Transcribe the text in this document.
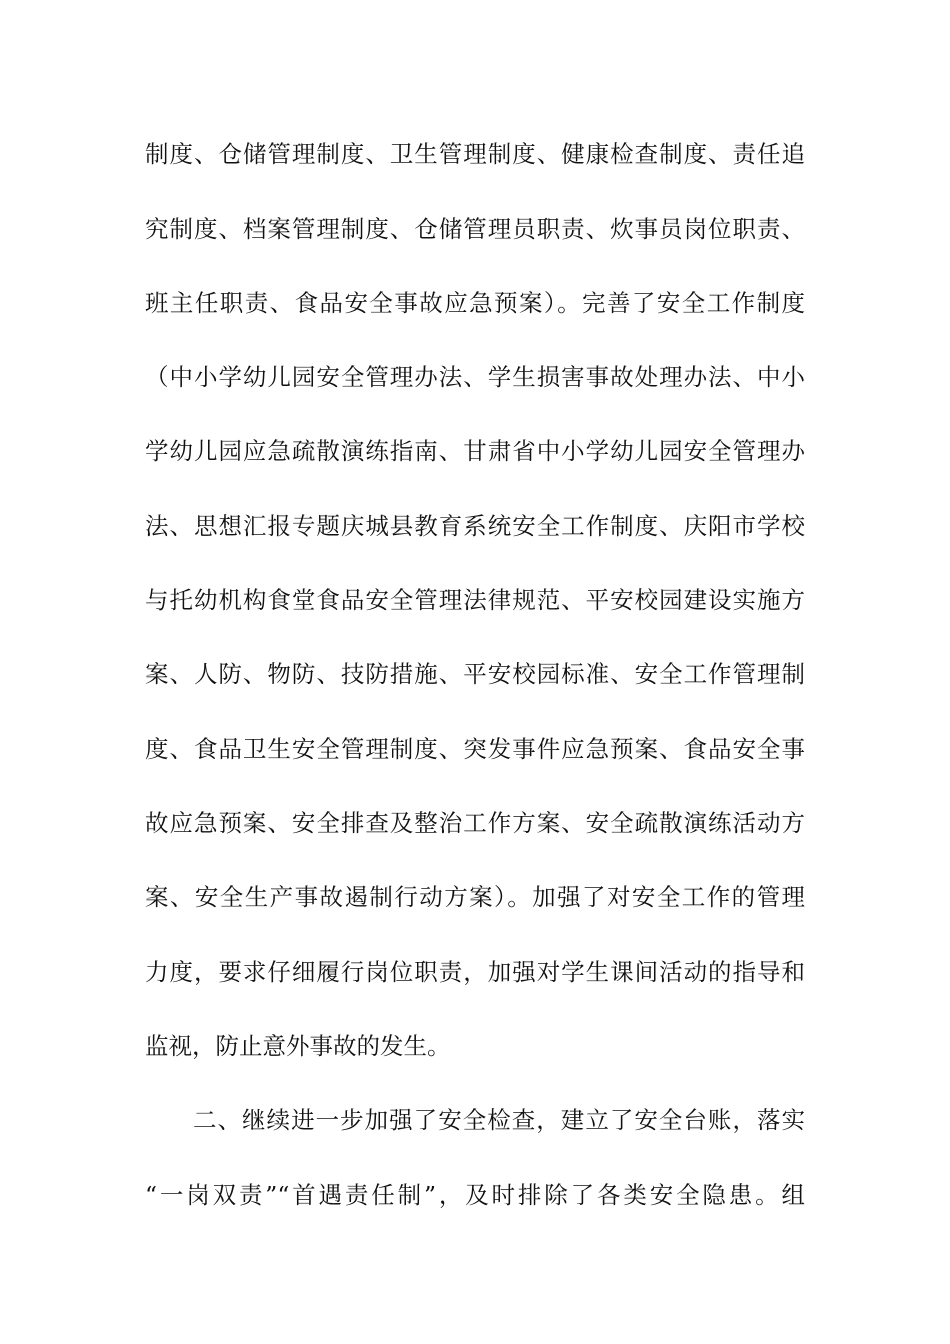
制度、仓储管理制度、卫生管理制度、健康检查制度、责任追
究制度、档案管理制度、仓储管理员职责、炊事员岗位职责、
班主任职责、食品安全事故应急预案）。完善了安全工作制度
（中小学幼儿园安全管理办法、学生损害事故处理办法、中小
学幼儿园应急疏散演练指南、甘肃省中小学幼儿园安全管理办
法、思想汇报专题庆城县教育系统安全工作制度、庆阳市学校
与托幼机构食堂食品安全管理法律规范、平安校园建设实施方
案、人防、物防、技防措施、平安校园标准、安全工作管理制
度、食品卫生安全管理制度、突发事件应急预案、食品安全事
故应急预案、安全排查及整治工作方案、安全疏散演练活动方
案、安全生产事故遏制行动方案）。加强了对安全工作的管理
力度，要求仔细履行岗位职责，加强对学生课间活动的指导和
监视，防止意外事故的发生。
二、继续进一步加强了安全检查，建立了安全台账，落实
“一岗双责”“首遇责任制”，及时排除了各类安全隐患。组
